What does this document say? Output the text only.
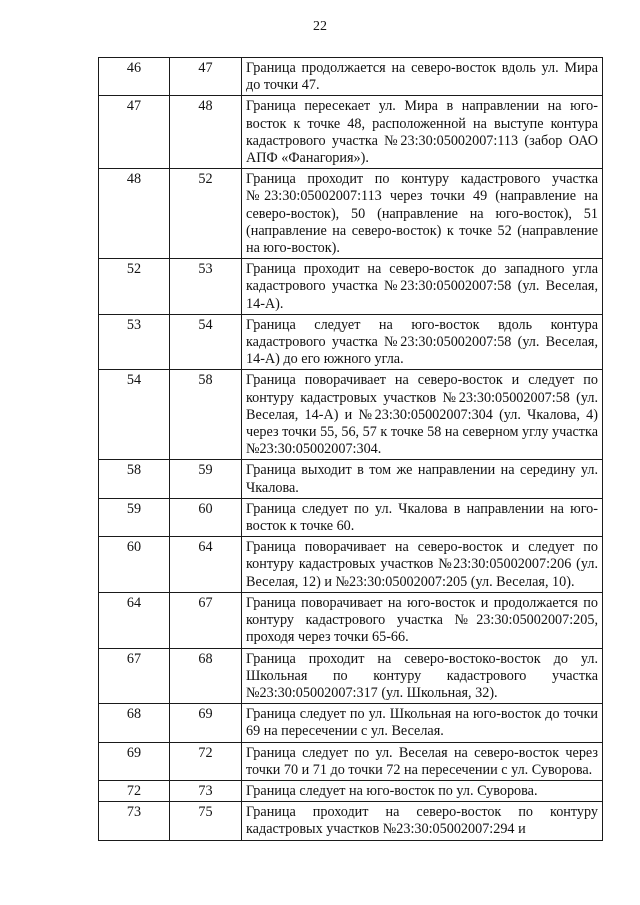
22
46	47	Граница продолжается на северо-восток вдоль ул. Мира до точки 47.
47	48	Граница пересекает ул. Мира в направлении на юго-восток к точке 48, расположенной на выступе контура кадастрового участка №23:30:05002007:113 (забор ОАО АПФ «Фанагория»).
48	52	Граница проходит по контуру кадастрового участка №23:30:05002007:113 через точки 49 (направление на северо-восток), 50 (направление на юго-восток), 51 (направление на северо-восток) к точке 52 (направление на юго-восток).
52	53	Граница проходит на северо-восток до западного угла кадастрового участка №23:30:05002007:58 (ул. Веселая, 14-А).
53	54	Граница следует на юго-восток вдоль контура кадастрового участка №23:30:05002007:58 (ул. Веселая, 14-А) до его южного угла.
54	58	Граница поворачивает на северо-восток и следует по контуру кадастровых участков №23:30:05002007:58 (ул. Веселая, 14-А) и №23:30:05002007:304 (ул. Чкалова, 4) через точки 55, 56, 57 к точке 58 на северном углу участка №23:30:05002007:304.
58	59	Граница выходит в том же направлении на середину ул. Чкалова.
59	60	Граница следует по ул. Чкалова в направлении на юго-восток к точке 60.
60	64	Граница поворачивает на северо-восток и следует по контуру кадастровых участков №23:30:05002007:206 (ул. Веселая, 12) и №23:30:05002007:205 (ул. Веселая, 10).
64	67	Граница поворачивает на юго-восток и продолжается по контуру кадастрового участка №23:30:05002007:205, проходя через точки 65-66.
67	68	Граница проходит на северо-востоко-восток до ул. Школьная по контуру кадастрового участка №23:30:05002007:317 (ул. Школьная, 32).
68	69	Граница следует по ул. Школьная на юго-восток до точки 69 на пересечении с ул. Веселая.
69	72	Граница следует по ул. Веселая на северо-восток через точки 70 и 71 до точки 72 на пересечении с ул. Суворова.
72	73	Граница следует на юго-восток по ул. Суворова.
73	75	Граница проходит на северо-восток по контуру кадастровых участков №23:30:05002007:294 и
